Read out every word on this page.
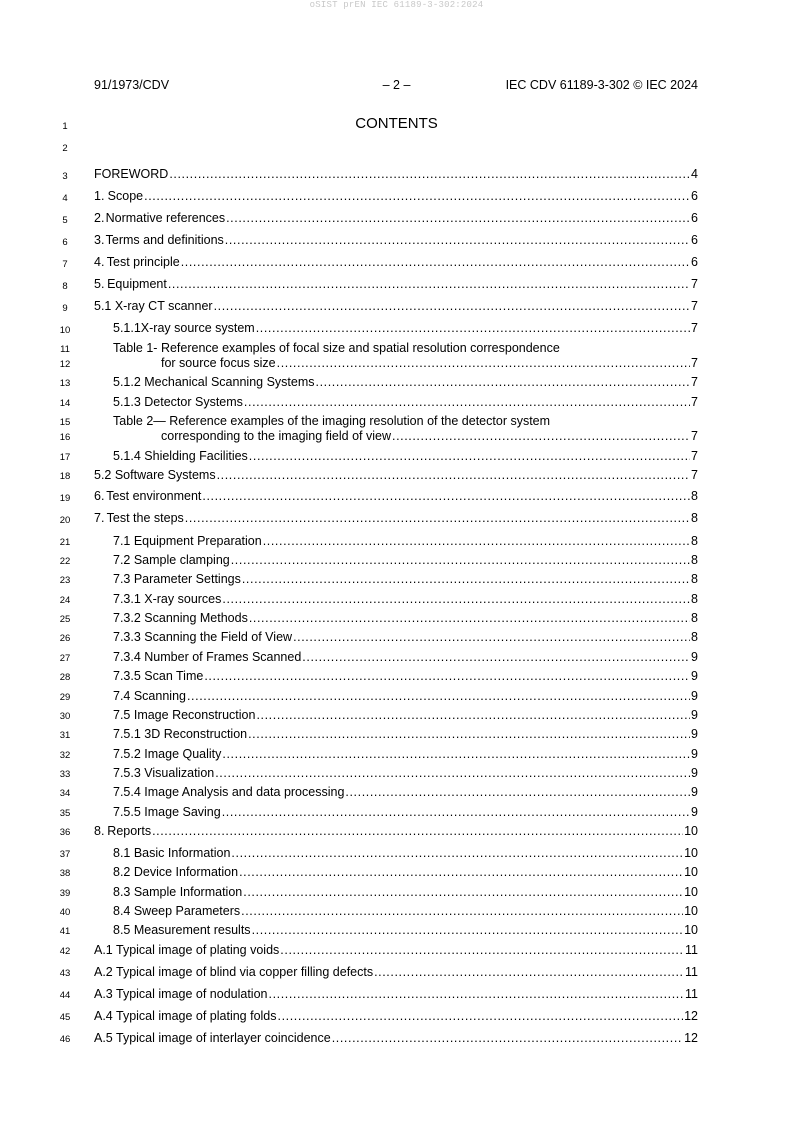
oSIST prEN IEC 61189-3-302:2024
91/1973/CDV	– 2 –	IEC CDV 61189-3-302 © IEC 2024
1	CONTENTS
2
3
4
5
6
7
8
9
10
11
12
13
14
15
16
17
18
19
20
21
22
23
24
25
26
27
28
29
30
31
32
33
34
35
36
37
38
39
40
41
42
43
44
45
46
FOREWORD .....	4
1. Scope .....	6
2. Normative references .....	6
3. Terms and definitions .....	6
4. Test principle .....	6
5. Equipment .....	7
5.1 X-ray CT scanner .....	7
5.1.1X-ray source system .....	7
Table 1- Reference examples of focal size and spatial resolution correspondence
for source focus size .....	7
5.1.2 Mechanical Scanning Systems .....	7
5.1.3 Detector Systems .....	7
Table 2— Reference examples of the imaging resolution of the detector system
corresponding to the imaging field of view .....	7
5.1.4 Shielding Facilities .....	7
5.2 Software Systems .....	7
6. Test environment .....	8
7. Test the steps .....	8
7.1 Equipment Preparation .....	8
7.2 Sample clamping .....	8
7.3 Parameter Settings .....	8
7.3.1 X-ray sources .....	8
7.3.2 Scanning Methods .....	8
7.3.3 Scanning the Field of View .....	8
7.3.4 Number of Frames Scanned .....	9
7.3.5 Scan Time .....	9
7.4 Scanning .....	9
7.5 Image Reconstruction .....	9
7.5.1 3D Reconstruction .....	9
7.5.2 Image Quality .....	9
7.5.3 Visualization .....	9
7.5.4 Image Analysis and data processing .....	9
7.5.5 Image Saving .....	9
8. Reports .....	10
8.1 Basic Information .....	10
8.2 Device Information .....	10
8.3 Sample Information .....	10
8.4 Sweep Parameters .....	10
8.5 Measurement results .....	10
A.1 Typical image of plating voids .....	11
A.2 Typical image of blind via copper filling defects .....	11
A.3 Typical image of nodulation .....	11
A.4 Typical image of plating folds .....	12
A.5 Typical image of interlayer coincidence .....	12
